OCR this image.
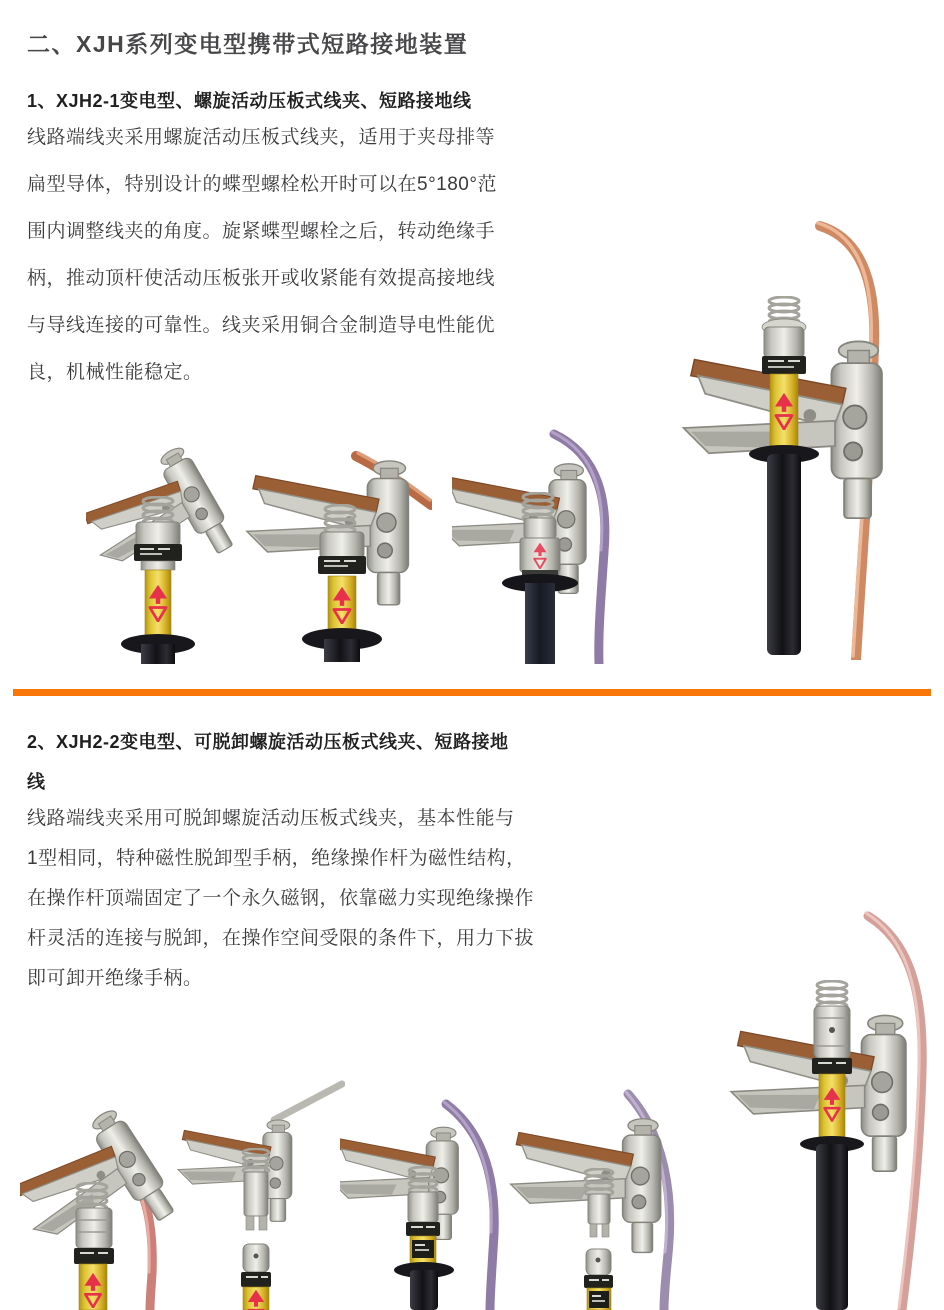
二、XJH系列变电型携带式短路接地装置
1、XJH2-1变电型、螺旋活动压板式线夹、短路接地线
线路端线夹采用螺旋活动压板式线夹，适用于夹母排等
扁型导体，特别设计的蝶型螺栓松开时可以在5°180°范
围内调整线夹的角度。旋紧蝶型螺栓之后，转动绝缘手
柄，推动顶杆使活动压板张开或收紧能有效提高接地线
与导线连接的可靠性。线夹采用铜合金制造导电性能优
良，机械性能稳定。
2、XJH2-2变电型、可脱卸螺旋活动压板式线夹、短路接地
线
线路端线夹采用可脱卸螺旋活动压板式线夹，基本性能与
1型相同，特种磁性脱卸型手柄，绝缘操作杆为磁性结构，
在操作杆顶端固定了一个永久磁钢，依靠磁力实现绝缘操作
杆灵活的连接与脱卸，在操作空间受限的条件下，用力下拔
即可卸开绝缘手柄。
